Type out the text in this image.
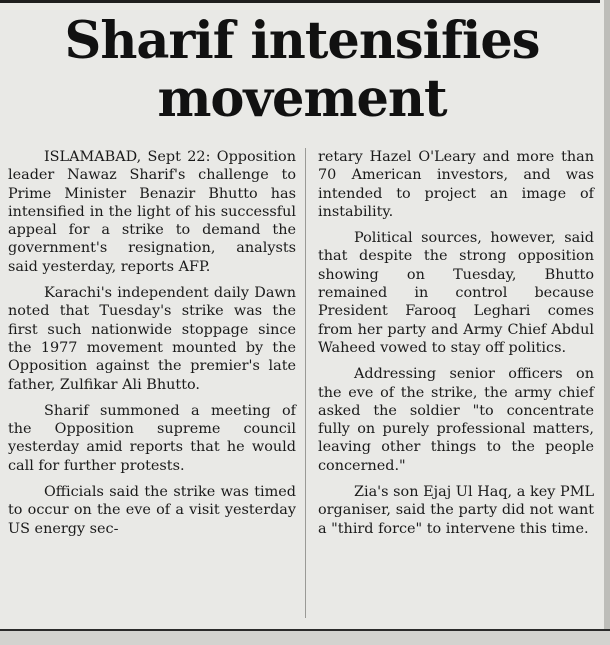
Sharif intensifies
movement

ISLAMABAD, Sept 22: Opposition leader Nawaz Sharif's challenge to Prime Minister Benazir Bhutto has intensified in the light of his successful appeal for a strike to demand the government's resignation, analysts said yesterday, reports AFP.

Karachi's independent daily Dawn noted that Tuesday's strike was the first such nationwide stoppage since the 1977 movement mounted by the Opposition against the premier's late father, Zulfikar Ali Bhutto.

Sharif summoned a meeting of the Opposition supreme council yesterday amid reports that he would call for further protests.

Officials said the strike was timed to occur on the eve of a visit yesterday US energy sec-

retary Hazel O'Leary and more than 70 American investors, and was intended to project an image of instability.

Political sources, however, said that despite the strong opposition showing on Tuesday, Bhutto remained in control because President Farooq Leghari comes from her party and Army Chief Abdul Waheed vowed to stay off politics.

Addressing senior officers on the eve of the strike, the army chief asked the soldier "to concentrate fully on purely professional matters, leaving other things to the people concerned."

Zia's son Ejaj Ul Haq, a key PML organiser, said the party did not want a "third force" to intervene this time.
